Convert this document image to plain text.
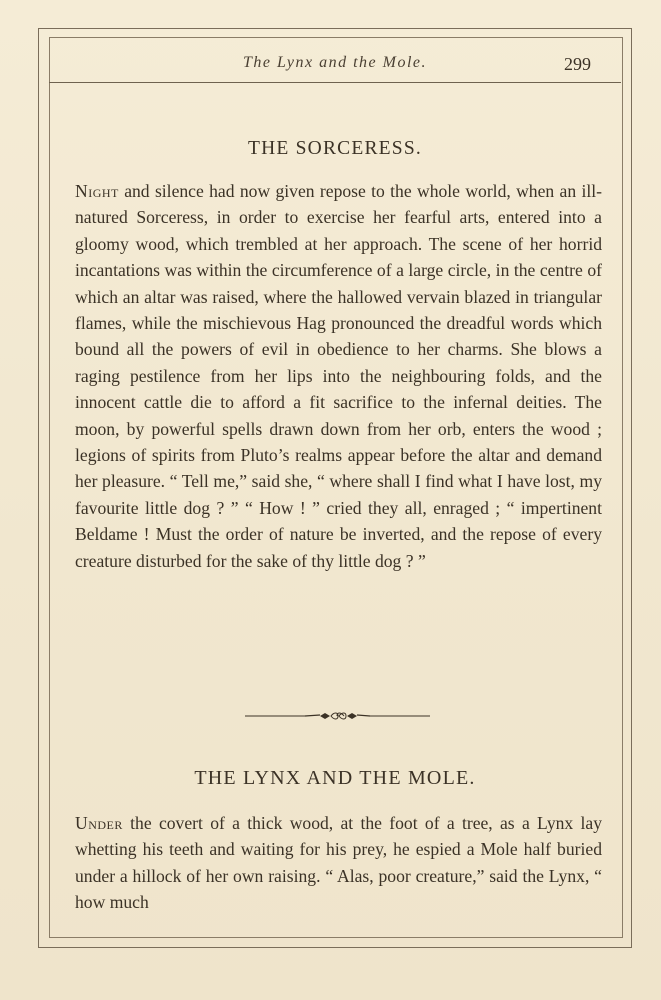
The Lynx and the Mole.	299
THE SORCERESS.

Night and silence had now given repose to the whole world, when an ill-natured Sorceress, in order to exercise her fearful arts, entered into a gloomy wood, which trembled at her approach. The scene of her horrid incantations was within the circumference of a large circle, in the centre of which an altar was raised, where the hallowed vervain blazed in triangular flames, while the mischievous Hag pronounced the dreadful words which bound all the powers of evil in obedience to her charms. She blows a raging pestilence from her lips into the neighbouring folds, and the innocent cattle die to afford a fit sacrifice to the infernal deities. The moon, by powerful spells drawn down from her orb, enters the wood ; legions of spirits from Pluto’s realms appear before the altar and demand her pleasure. “ Tell me,” said she, “ where shall I find what I have lost, my favourite little dog ? ” “ How ! ” cried they all, enraged ; “ impertinent Beldame ! Must the order of nature be inverted, and the repose of every creature disturbed for the sake of thy little dog ? ”

THE LYNX AND THE MOLE.

Under the covert of a thick wood, at the foot of a tree, as a Lynx lay whetting his teeth and waiting for his prey, he espied a Mole half buried under a hillock of her own raising. “ Alas, poor creature,” said the Lynx, “ how much
